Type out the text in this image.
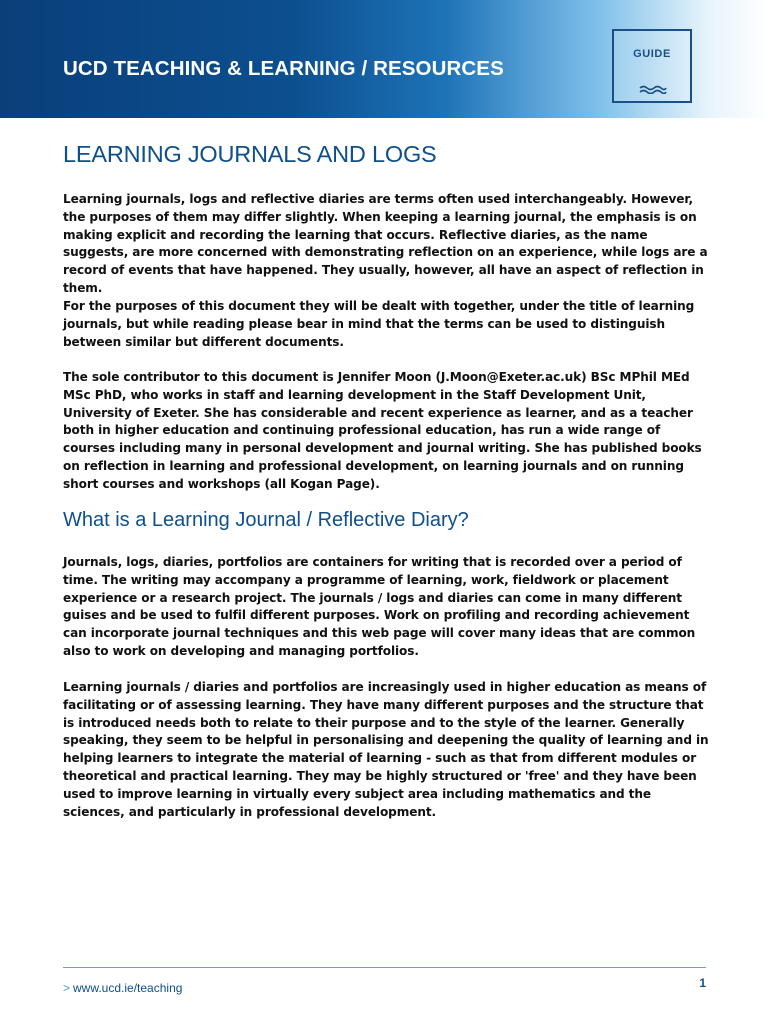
UCD TEACHING & LEARNING / RESOURCES
GUIDE
LEARNING JOURNALS AND LOGS

Learning journals, logs and reflective diaries are terms often used interchangeably. However, the purposes of them may differ slightly. When keeping a learning journal, the emphasis is on making explicit and recording the learning that occurs. Reflective diaries, as the name suggests, are more concerned with demonstrating reflection on an experience, while logs are a record of events that have happened. They usually, however, all have an aspect of reflection in them.

For the purposes of this document they will be dealt with together, under the title of learning journals, but while reading please bear in mind that the terms can be used to distinguish between similar but different documents.

The sole contributor to this document is Jennifer Moon (J.Moon@Exeter.ac.uk) BSc MPhil MEd MSc PhD, who works in staff and learning development in the Staff Development Unit, University of Exeter. She has considerable and recent experience as learner, and as a teacher both in higher education and continuing professional education, has run a wide range of courses including many in personal development and journal writing. She has published books on reflection in learning and professional development, on learning journals and on running short courses and workshops (all Kogan Page).

What is a Learning Journal / Reflective Diary?

Journals, logs, diaries, portfolios are containers for writing that is recorded over a period of time. The writing may accompany a programme of learning, work, fieldwork or placement experience or a research project. The journals / logs and diaries can come in many different guises and be used to fulfil different purposes. Work on profiling and recording achievement can incorporate journal techniques and this web page will cover many ideas that are common also to work on developing and managing portfolios.

Learning journals / diaries and portfolios are increasingly used in higher education as means of facilitating or of assessing learning. They have many different purposes and the structure that is introduced needs both to relate to their purpose and to the style of the learner. Generally speaking, they seem to be helpful in personalising and deepening the quality of learning and in helping learners to integrate the material of learning - such as that from different modules or theoretical and practical learning. They may be highly structured or 'free' and they have been used to improve learning in virtually every subject area including mathematics and the sciences, and particularly in professional development.

> www.ucd.ie/teaching	1
